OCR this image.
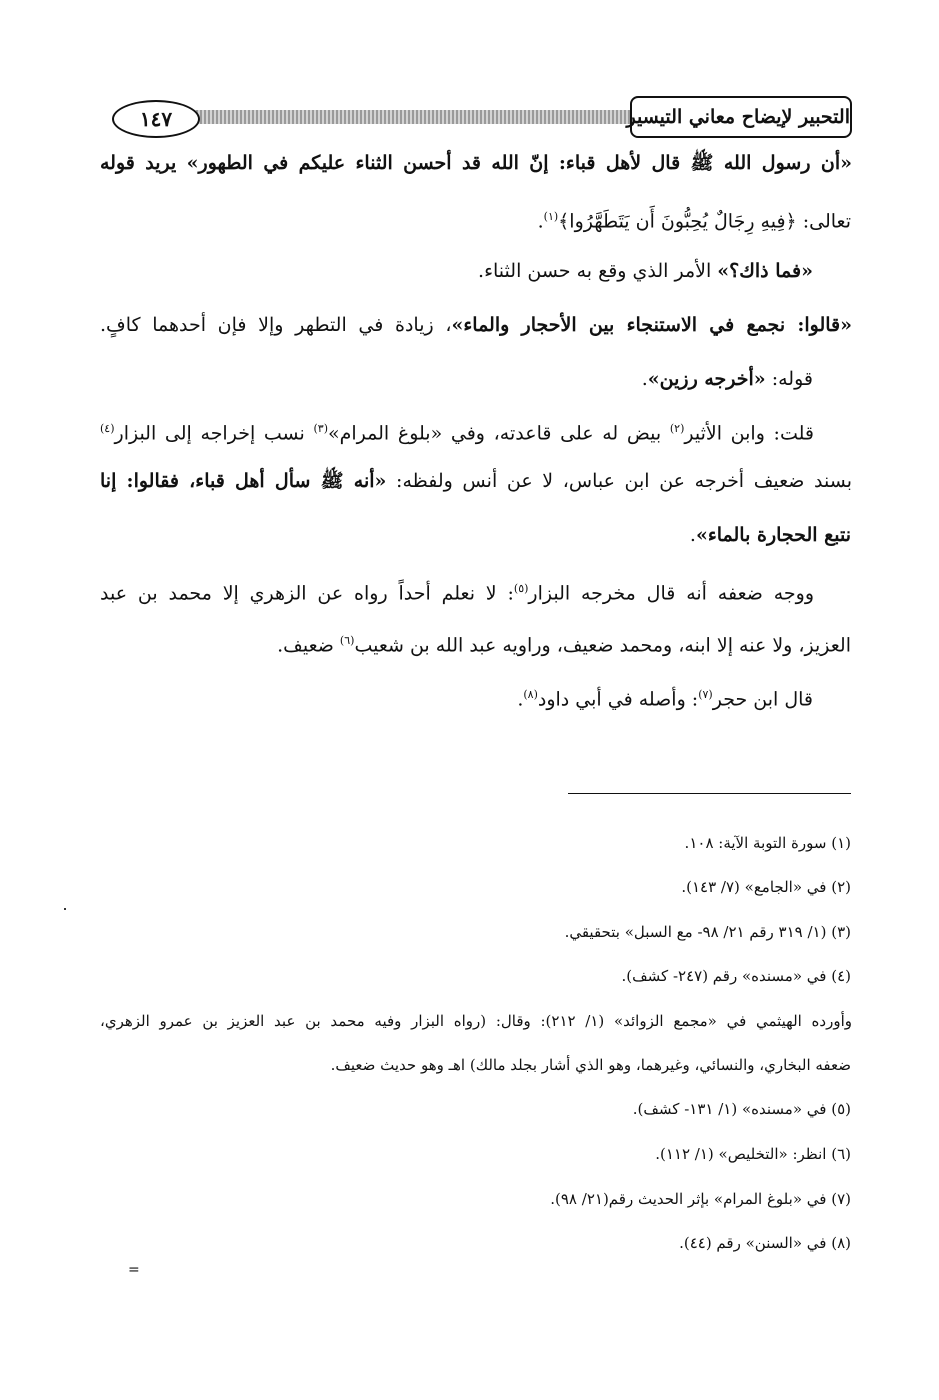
١٤٧	التحبير لإيضاح معاني التيسير
«أن رسول الله ﷺ قال لأهل قباء: إنّ الله قد أحسن الثناء عليكم في الطهور» يريد قوله
تعالى: ﴿فِيهِ رِجَالٌ يُحِبُّونَ أَن يَتَطَهَّرُوا﴾$^{(١)}$.
«فما ذاك؟» الأمر الذي وقع به حسن الثناء.
«قالوا: نجمع في الاستنجاء بين الأحجار والماء»، زيادة في التطهر وإلا فإن أحدهما كافٍ.
قوله: «أخرجه رزين».
قلت: وابن الأثير$^{(٢)}$ بيض له على قاعدته، وفي «بلوغ المرام»$^{(٣)}$ نسب إخراجه إلى البزار$^{(٤)}$
بسند ضعيف أخرجه عن ابن عباس، لا عن أنس ولفظه: «أنه ﷺ سأل أهل قباء، فقالوا: إنا
نتبع الحجارة بالماء».
ووجه ضعفه أنه قال مخرجه البزار$^{(٥)}$: لا نعلم أحداً رواه عن الزهري إلا محمد بن عبد
العزيز، ولا عنه إلا ابنه، ومحمد ضعيف، وراويه عبد الله بن شعيب$^{(٦)}$ ضعيف.
قال ابن حجر$^{(٧)}$: وأصله في أبي داود$^{(٨)}$.
(١) سورة التوبة الآية: ١٠٨.
(٢) في «الجامع» (٧/ ١٤٣).
(٣) (١/ ٣١٩ رقم ٢١/ ٩٨- مع السبل» بتحقيقي.
(٤) في «مسنده» رقم (٢٤٧- كشف).
وأورده الهيثمي في «مجمع الزوائد» (١/ ٢١٢): وقال: (رواه البزار وفيه محمد بن عبد العزيز بن عمرو الزهري،
ضعفه البخاري، والنسائي، وغيرهما، وهو الذي أشار بجلد مالك) اهـ وهو حديث ضعيف.
(٥) في «مسنده» (١/ ١٣١- كشف).
(٦) انظر: «التخليص» (١/ ١١٢).
(٧) في «بلوغ المرام» بإثر الحديث رقم(٢١/ ٩٨).
(٨) في «السنن» رقم (٤٤).
=
